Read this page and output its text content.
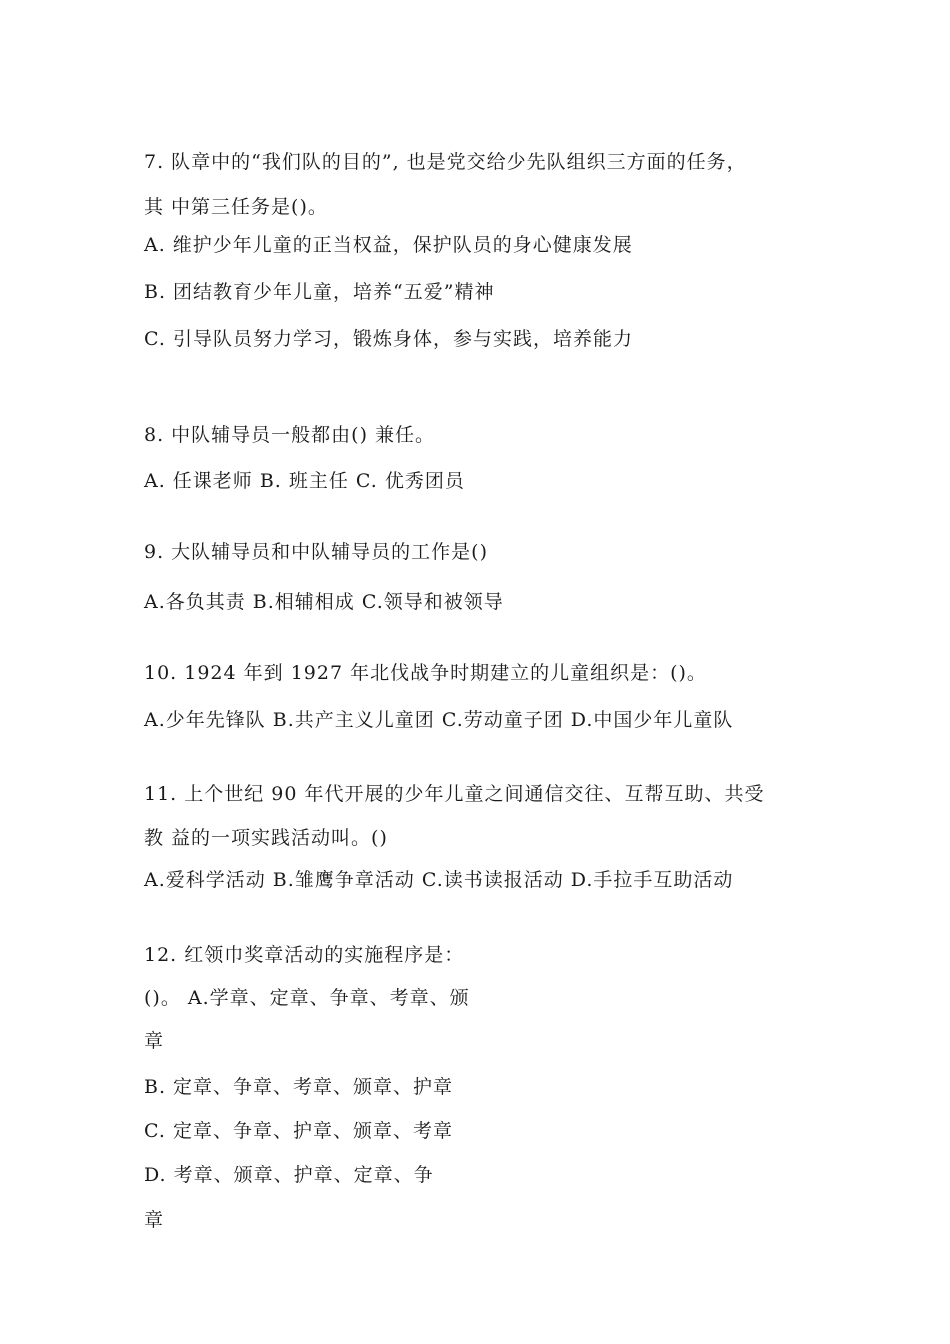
7. 队章中的“我们队的目的”, 也是党交给少先队组织三方面的任务，
其 中第三任务是()。
A. 维护少年儿童的正当权益，保护队员的身心健康发展
B. 团结教育少年儿童，培养“五爱”精神
C. 引导队员努力学习，锻炼身体，参与实践，培养能力
8. 中队辅导员一般都由() 兼任。
A. 任课老师 B. 班主任 C. 优秀团员
9. 大队辅导员和中队辅导员的工作是()
A.各负其责 B.相辅相成 C.领导和被领导
10. 1924 年到 1927 年北伐战争时期建立的儿童组织是：()。
A.少年先锋队 B.共产主义儿童团 C.劳动童子团 D.中国少年儿童队
11. 上个世纪 90 年代开展的少年儿童之间通信交往、互帮互助、共受
教 益的一项实践活动叫。()
A.爱科学活动 B.雏鹰争章活动 C.读书读报活动 D.手拉手互助活动
12. 红领巾奖章活动的实施程序是：
()。 A.学章、定章、争章、考章、颁
章
B. 定章、争章、考章、颁章、护章
C. 定章、争章、护章、颁章、考章
D. 考章、颁章、护章、定章、争
章
